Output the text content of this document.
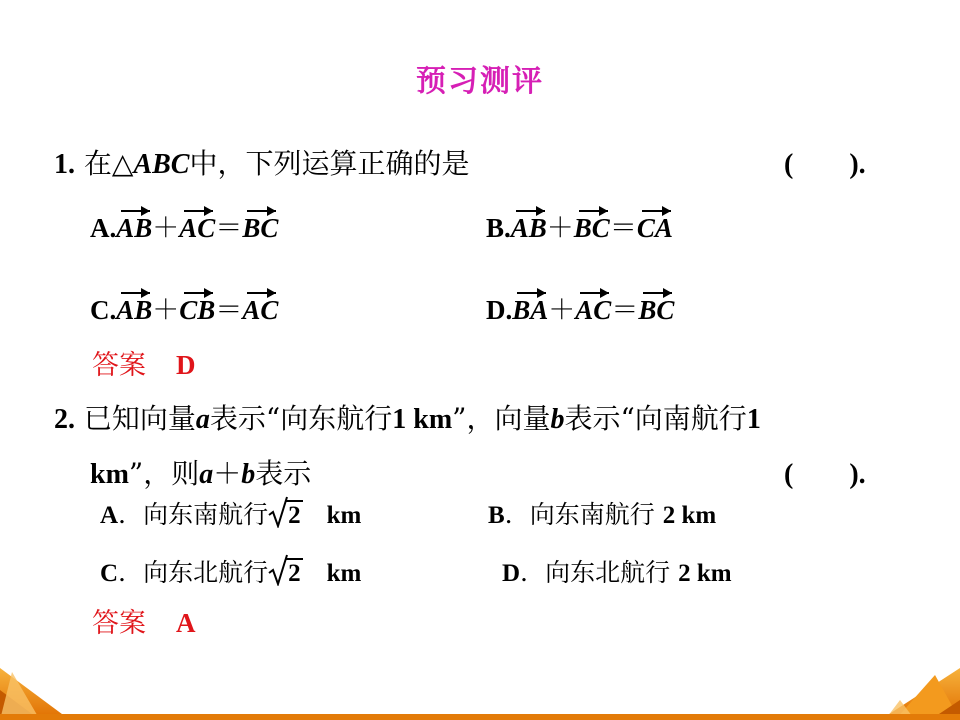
预习测评
1. 在△ABC中，下列运算正确的是	(　　).
A.AB＋AC＝BC	B.AB＋BC＝CA
C.AB＋CB＝AC	D.BA＋AC＝BC
答案 D
2. 已知向量a表示“向东航行1 km”，向量b表示“向南航行1
km”，则a＋b表示	(　　).
A．向东南航行 2 km	B．向东南航行 2 km
C．向东北航行 2 km	D．向东北航行 2 km
答案 A
